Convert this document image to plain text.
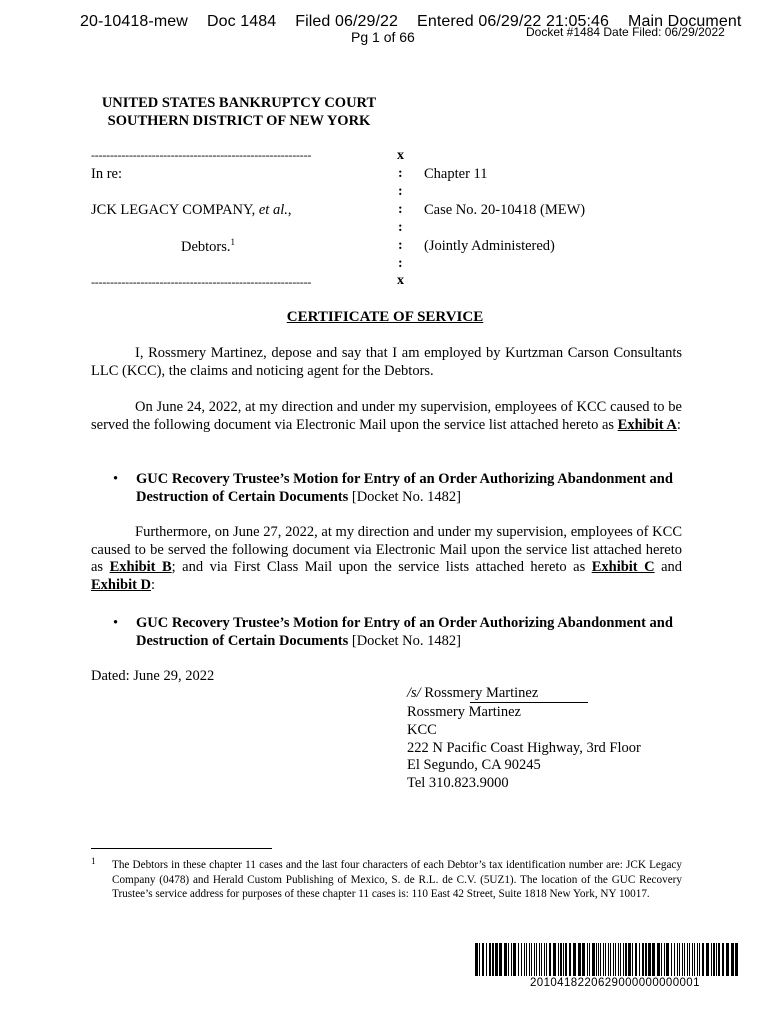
20-10418-mew Doc 1484 Filed 06/29/22 Entered 06/29/22 21:05:46 Main Document
Docket #1484 Date Filed: 06/29/2022
Pg 1 of 66
UNITED STATES BANKRUPTCY COURT
SOUTHERN DISTRICT OF NEW YORK
----------------------------------------------------------
----------------------------------------------------------
x
:
:
:
:
:
:
x
In re:
JCK LEGACY COMPANY, et al.,
Debtors.$^1$
Chapter 11
Case No. 20-10418 (MEW)
(Jointly Administered)
CERTIFICATE OF SERVICE
I, Rossmery Martinez, depose and say that I am employed by Kurtzman Carson Consultants LLC (KCC), the claims and noticing agent for the Debtors.
On June 24, 2022, at my direction and under my supervision, employees of KCC caused to be served the following document via Electronic Mail upon the service list attached hereto as Exhibit A:
• GUC Recovery Trustee’s Motion for Entry of an Order Authorizing Abandonment and Destruction of Certain Documents [Docket No. 1482]
Furthermore, on June 27, 2022, at my direction and under my supervision, employees of KCC caused to be served the following document via Electronic Mail upon the service list attached hereto as Exhibit B; and via First Class Mail upon the service lists attached hereto as Exhibit C and Exhibit D:
• GUC Recovery Trustee’s Motion for Entry of an Order Authorizing Abandonment and Destruction of Certain Documents [Docket No. 1482]
Dated: June 29, 2022
/s/ Rossmery Martinez
Rossmery Martinez
KCC
222 N Pacific Coast Highway, 3rd Floor
El Segundo, CA 90245
Tel 310.823.9000
1 The Debtors in these chapter 11 cases and the last four characters of each Debtor’s tax identification number are: JCK Legacy Company (0478) and Herald Custom Publishing of Mexico, S. de R.L. de C.V. (5UZ1). The location of the GUC Recovery Trustee’s service address for purposes of these chapter 11 cases is: 110 East 42 Street, Suite 1818 New York, NY 10017.
2010418220629000000000001
